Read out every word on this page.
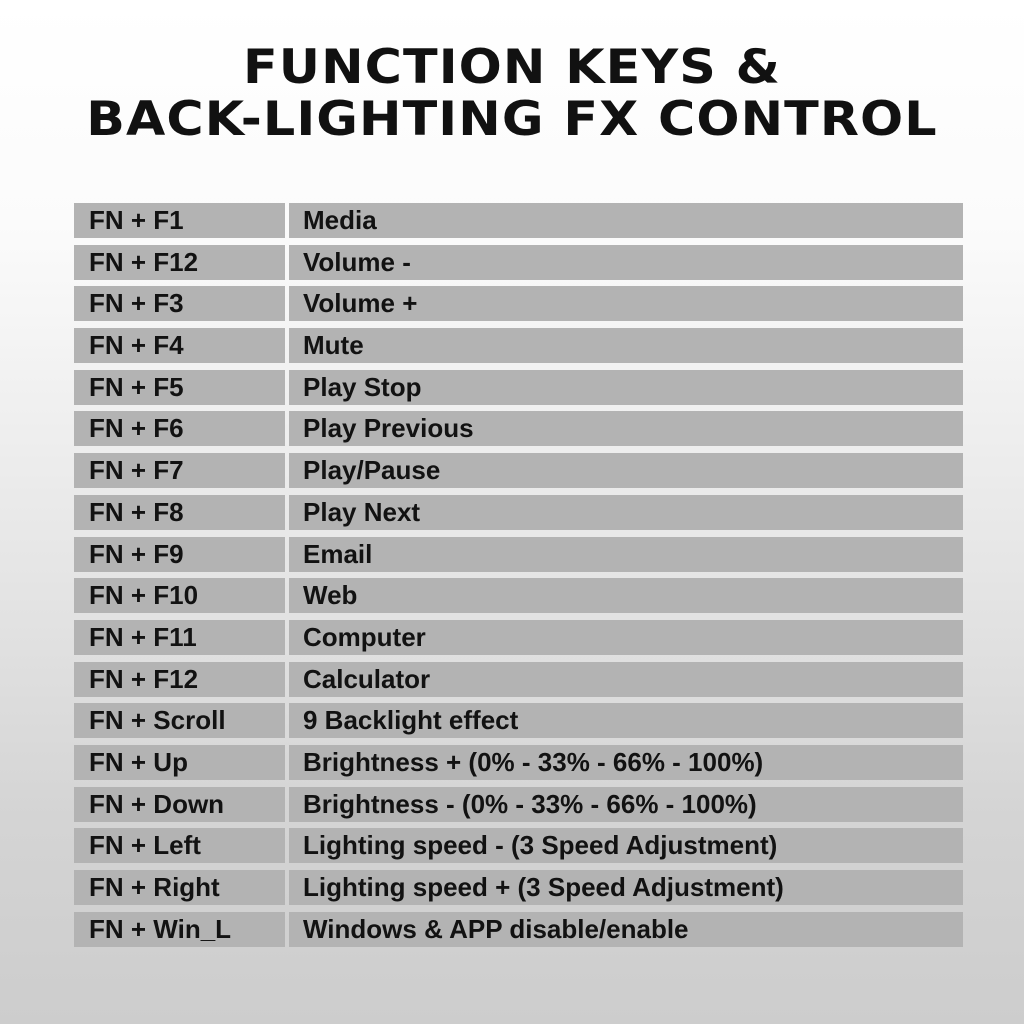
FUNCTION KEYS &
BACK-LIGHTING FX CONTROL
FN + F1	Media
FN + F12	Volume -
FN + F3	Volume +
FN + F4	Mute
FN + F5	Play Stop
FN + F6	Play Previous
FN + F7	Play/Pause
FN + F8	Play Next
FN + F9	Email
FN + F10	Web
FN + F11	Computer
FN + F12	Calculator
FN + Scroll	9 Backlight effect
FN + Up	Brightness + (0% - 33% - 66% - 100%)
FN + Down	Brightness - (0% - 33% - 66% - 100%)
FN + Left	Lighting speed - (3 Speed Adjustment)
FN + Right	Lighting speed + (3 Speed Adjustment)
FN + Win_L	Windows & APP disable/enable
